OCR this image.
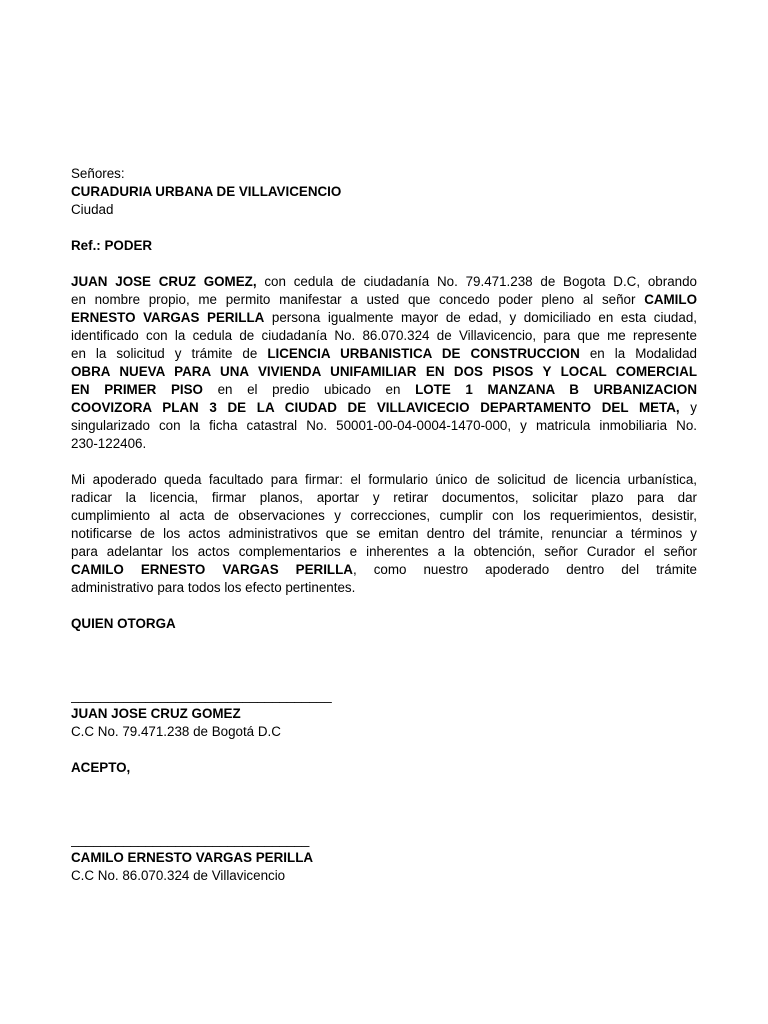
Señores:
CURADURIA URBANA DE VILLAVICENCIO
Ciudad
Ref.: PODER
JUAN JOSE CRUZ GOMEZ, con cedula de ciudadanía No. 79.471.238 de Bogota D.C, obrando
en nombre propio, me permito manifestar a usted que concedo poder pleno al señor CAMILO
ERNESTO VARGAS PERILLA persona igualmente mayor de edad, y domiciliado en esta ciudad,
identificado con la cedula de ciudadanía No. 86.070.324 de Villavicencio, para que me represente
en la solicitud y trámite de LICENCIA URBANISTICA DE CONSTRUCCION en la Modalidad
OBRA NUEVA PARA UNA VIVIENDA UNIFAMILIAR EN DOS PISOS Y LOCAL COMERCIAL
EN PRIMER PISO en el predio ubicado en LOTE 1 MANZANA B URBANIZACION
COOVIZORA PLAN 3 DE LA CIUDAD DE VILLAVICECIO DEPARTAMENTO DEL META, y
singularizado con la ficha catastral No. 50001-00-04-0004-1470-000, y matricula inmobiliaria No.
230-122406.
Mi apoderado queda facultado para firmar: el formulario único de solicitud de licencia urbanística,
radicar la licencia, firmar planos, aportar y retirar documentos, solicitar plazo para dar
cumplimiento al acta de observaciones y correcciones, cumplir con los requerimientos, desistir,
notificarse de los actos administrativos que se emitan dentro del trámite, renunciar a términos y
para adelantar los actos complementarios e inherentes a la obtención, señor Curador el señor
CAMILO ERNESTO VARGAS PERILLA, como nuestro apoderado dentro del trámite
administrativo para todos los efecto pertinentes.
QUIEN OTORGA
___________________________________
JUAN JOSE CRUZ GOMEZ
C.C No. 79.471.238 de Bogotá D.C
ACEPTO,
________________________________
CAMILO ERNESTO VARGAS PERILLA
C.C No. 86.070.324 de Villavicencio
